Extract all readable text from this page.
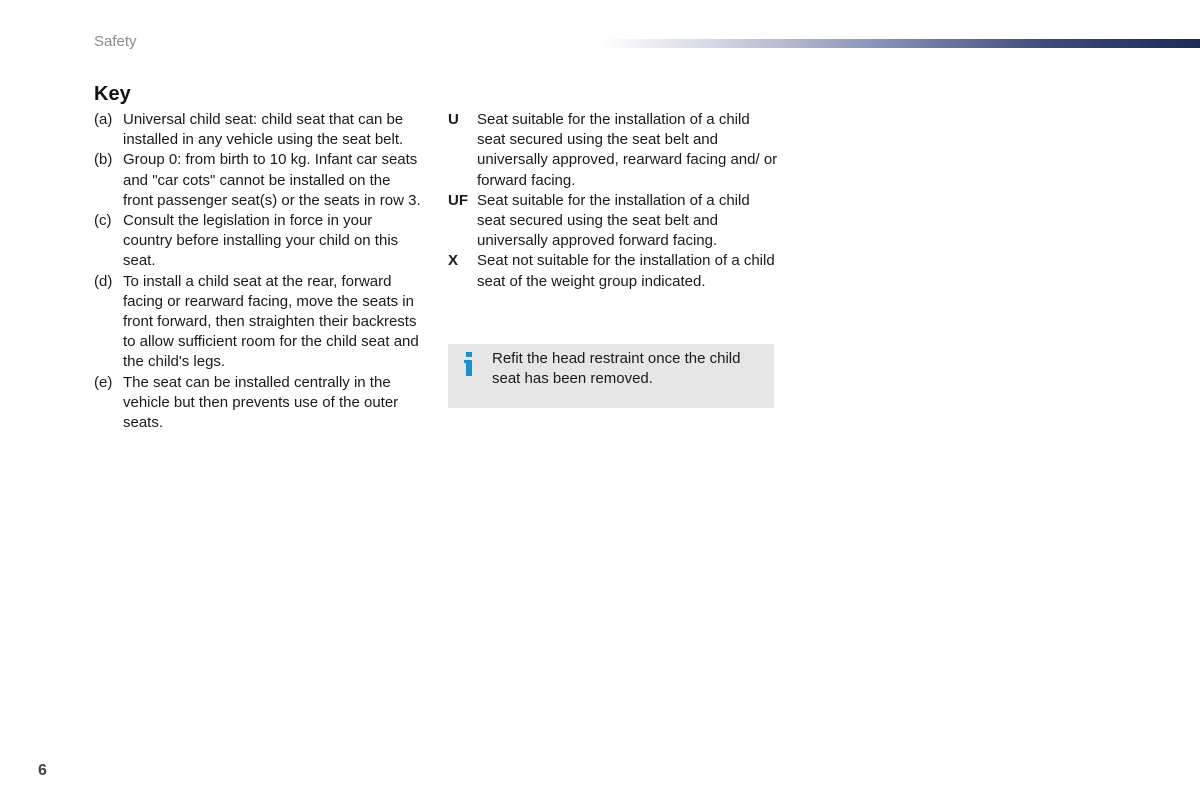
Safety
Key
(a) Universal child seat: child seat that can be installed in any vehicle using the seat belt.
(b) Group 0: from birth to 10 kg. Infant car seats and "car cots" cannot be installed on the front passenger seat(s) or the seats in row 3.
(c) Consult the legislation in force in your country before installing your child on this seat.
(d) To install a child seat at the rear, forward facing or rearward facing, move the seats in front forward, then straighten their backrests to allow sufficient room for the child seat and the child's legs.
(e) The seat can be installed centrally in the vehicle but then prevents use of the outer seats.
U	Seat suitable for the installation of a child seat secured using the seat belt and universally approved, rearward facing and/ or forward facing.
UF Seat suitable for the installation of a child seat secured using the seat belt and universally approved forward facing.
X	Seat not suitable for the installation of a child seat of the weight group indicated.
Refit the head restraint once the child seat has been removed.
6
